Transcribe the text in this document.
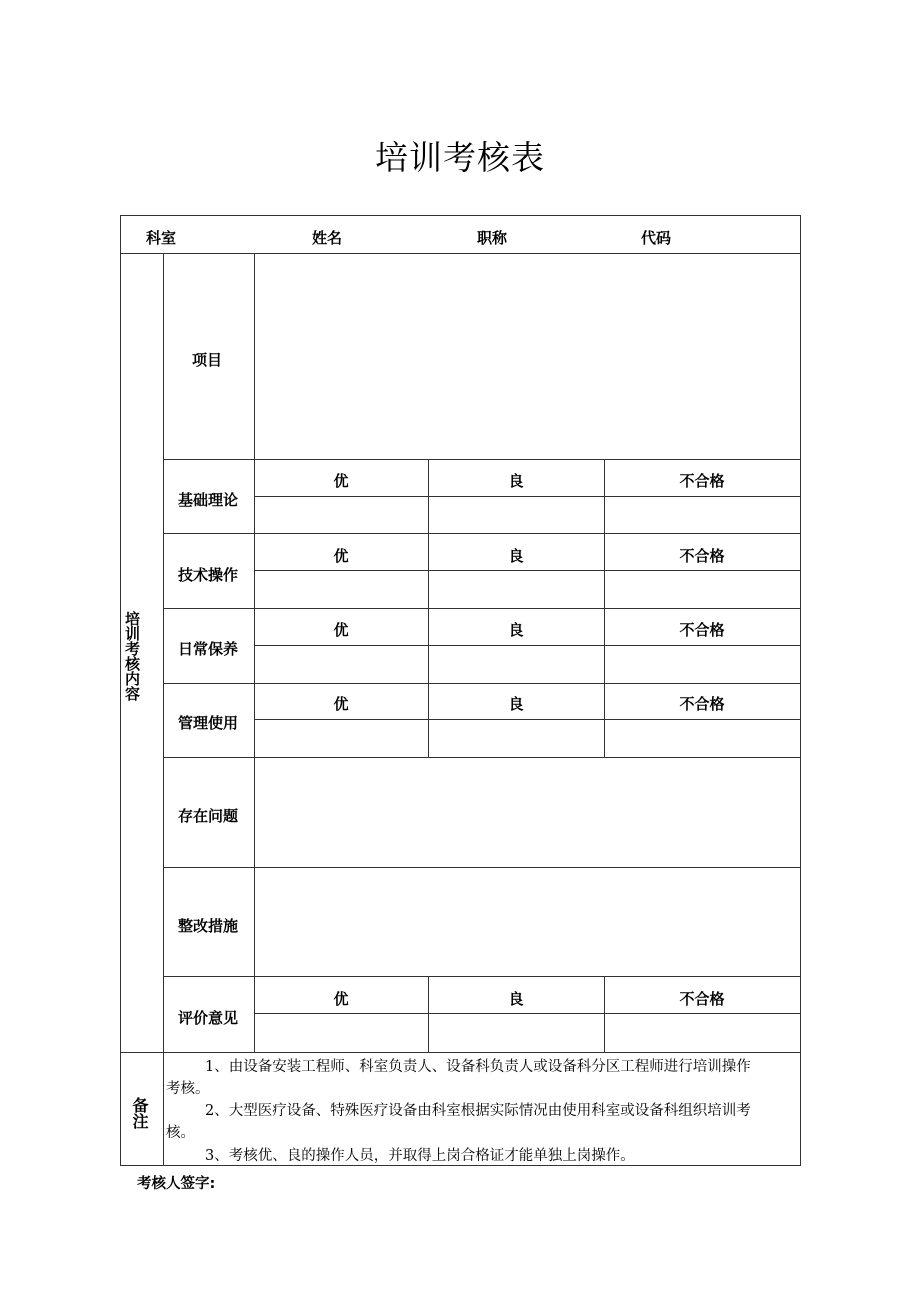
培训考核表
科室	姓名	职称	代码
培训考核内容
项目
基础理论
优	良	不合格
技术操作
优	良	不合格
日常保养
优	良	不合格
管理使用
优	良	不合格
存在问题
整改措施
评价意见
优	良	不合格
备注
1、由设备安装工程师、科室负责人、设备科负责人或设备科分区工程师进行培训操作
考核。
2、大型医疗设备、特殊医疗设备由科室根据实际情况由使用科室或设备科组织培训考
核。
3、考核优、良的操作人员，并取得上岗合格证才能单独上岗操作。
考核人签字:
